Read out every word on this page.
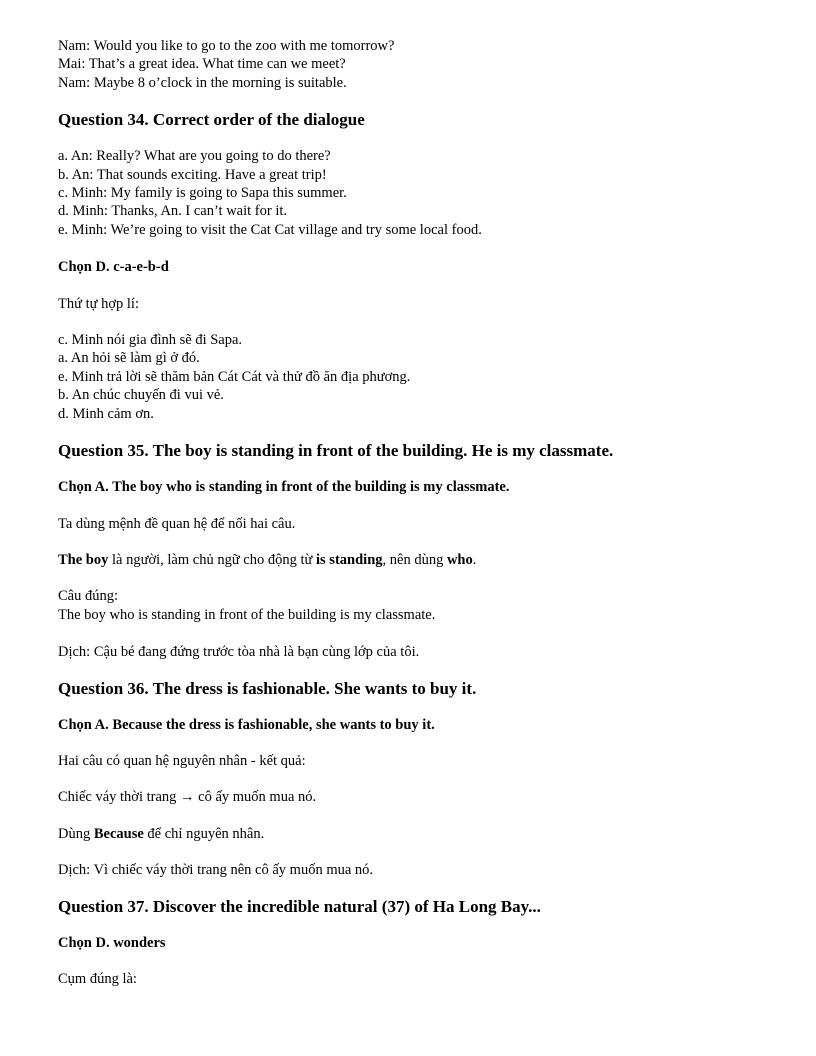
Nam: Would you like to go to the zoo with me tomorrow?
Mai: That’s a great idea. What time can we meet?
Nam: Maybe 8 o’clock in the morning is suitable.
Question 34. Correct order of the dialogue
a. An: Really? What are you going to do there?
b. An: That sounds exciting. Have a great trip!
c. Minh: My family is going to Sapa this summer.
d. Minh: Thanks, An. I can’t wait for it.
e. Minh: We’re going to visit the Cat Cat village and try some local food.
Chọn D. c-a-e-b-d
Thứ tự hợp lí:
c. Minh nói gia đình sẽ đi Sapa.
a. An hỏi sẽ làm gì ở đó.
e. Minh trả lời sẽ thăm bản Cát Cát và thử đồ ăn địa phương.
b. An chúc chuyến đi vui vẻ.
d. Minh cảm ơn.
Question 35. The boy is standing in front of the building. He is my classmate.
Chọn A. The boy who is standing in front of the building is my classmate.
Ta dùng mệnh đề quan hệ để nối hai câu.
The boy là người, làm chủ ngữ cho động từ is standing, nên dùng who.
Câu đúng:
The boy who is standing in front of the building is my classmate.
Dịch: Cậu bé đang đứng trước tòa nhà là bạn cùng lớp của tôi.
Question 36. The dress is fashionable. She wants to buy it.
Chọn A. Because the dress is fashionable, she wants to buy it.
Hai câu có quan hệ nguyên nhân - kết quả:
Chiếc váy thời trang → cô ấy muốn mua nó.
Dùng Because để chỉ nguyên nhân.
Dịch: Vì chiếc váy thời trang nên cô ấy muốn mua nó.
Question 37. Discover the incredible natural (37) of Ha Long Bay...
Chọn D. wonders
Cụm đúng là:
